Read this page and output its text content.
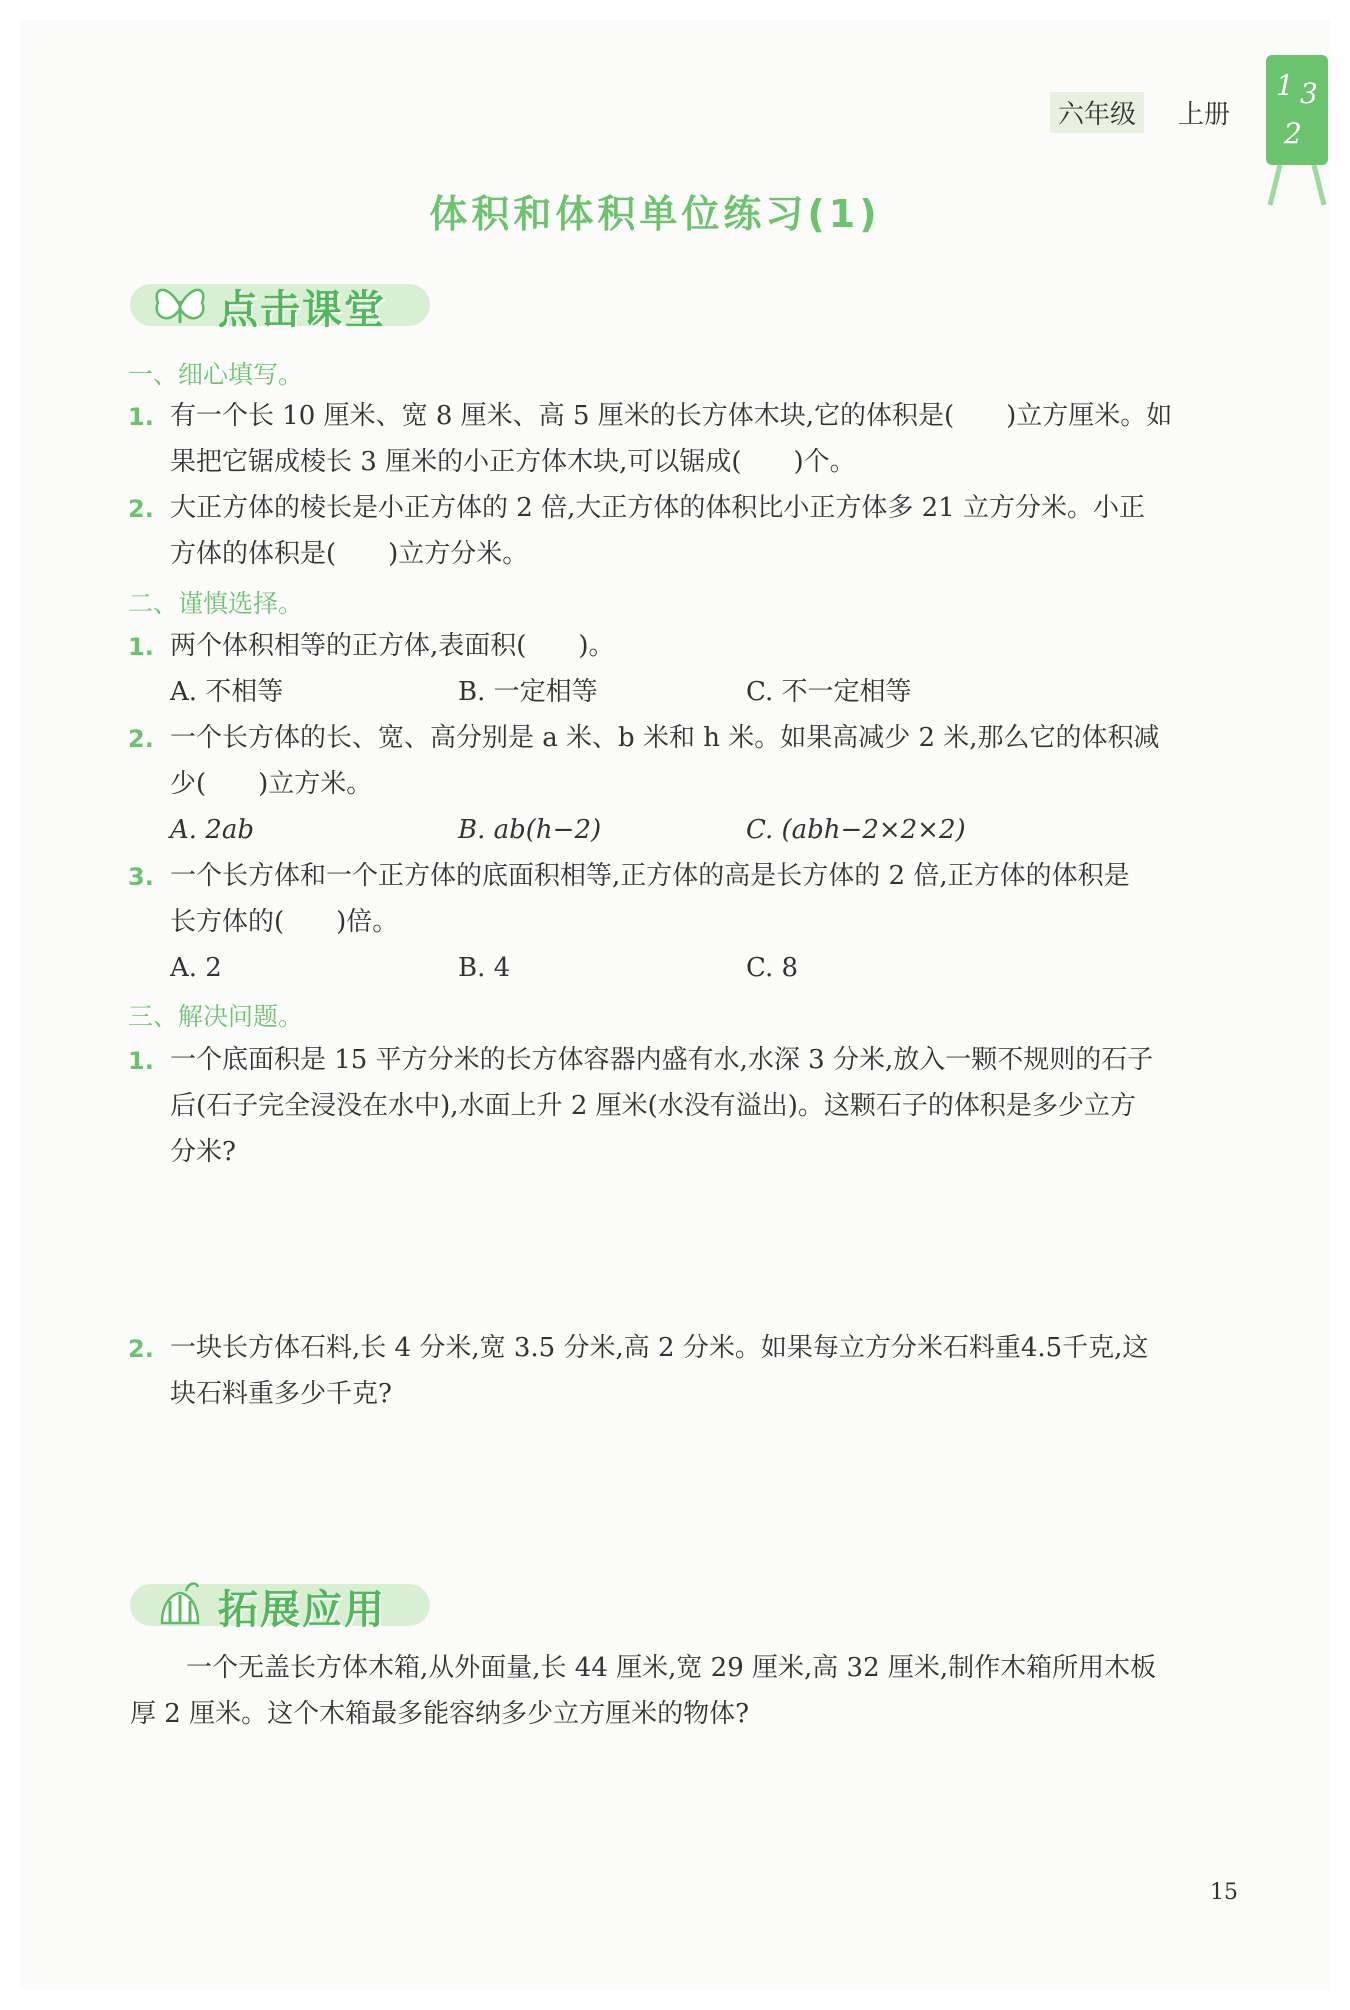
六年级	上册
1 3
2
体积和体积单位练习(1)
点击课堂
一、细心填写。
1. 有一个长 10 厘米、宽 8 厘米、高 5 厘米的长方体木块,它的体积是(　　)立方厘米。如
果把它锯成棱长 3 厘米的小正方体木块,可以锯成(　　)个。
2. 大正方体的棱长是小正方体的 2 倍,大正方体的体积比小正方体多 21 立方分米。小正
方体的体积是(　　)立方分米。
二、谨慎选择。
1. 两个体积相等的正方体,表面积(　　)。
A. 不相等	B. 一定相等	C. 不一定相等
2. 一个长方体的长、宽、高分别是 a 米、b 米和 h 米。如果高减少 2 米,那么它的体积减
少(　　)立方米。
A. 2ab	B. ab(h−2)	C. (abh−2×2×2)
3. 一个长方体和一个正方体的底面积相等,正方体的高是长方体的 2 倍,正方体的体积是
长方体的(　　)倍。
A. 2	B. 4	C. 8
三、解决问题。
1. 一个底面积是 15 平方分米的长方体容器内盛有水,水深 3 分米,放入一颗不规则的石子
后(石子完全浸没在水中),水面上升 2 厘米(水没有溢出)。这颗石子的体积是多少立方
分米?
2. 一块长方体石料,长 4 分米,宽 3.5 分米,高 2 分米。如果每立方分米石料重4.5千克,这
块石料重多少千克?
拓展应用
一个无盖长方体木箱,从外面量,长 44 厘米,宽 29 厘米,高 32 厘米,制作木箱所用木板
厚 2 厘米。这个木箱最多能容纳多少立方厘米的物体?
15
